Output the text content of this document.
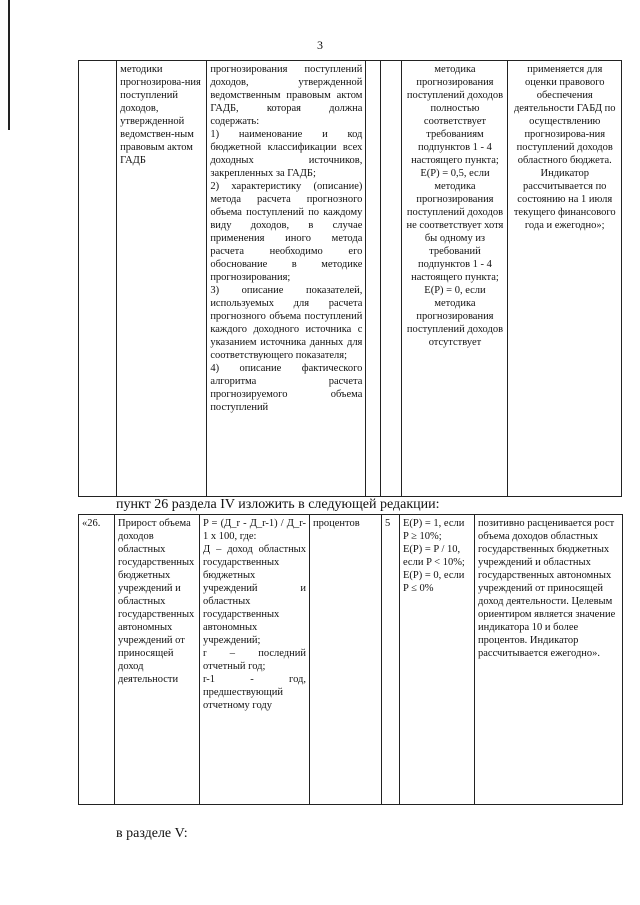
3
	методики прогнозирова-ния поступлений доходов, утвержденной ведомствен-ным правовым актом ГАДБ	прогнозирования поступлений доходов, утвержденной ведомственным правовым актом ГАДБ, которая должна содержать:
1) наименование и код бюджетной классификации всех доходных источников, закрепленных за ГАДБ;
2) характеристику (описание) метода расчета прогнозного объема поступлений по каждому виду доходов, в случае применения иного метода расчета необходимо его обоснование в методике прогнозирования;
3) описание показателей, используемых для расчета прогнозного объема поступлений каждого доходного источника с указанием источника данных для соответствующего показателя;
4) описание фактического алгоритма расчета прогнозируемого объема поступлений			методика прогнозирования поступлений доходов полностью соответствует требованиям подпунктов 1 - 4 настоящего пункта;
E(P) = 0,5, если методика прогнозирования поступлений доходов не соответствует хотя бы одному из требований подпунктов 1 - 4 настоящего пункта;
E(P) = 0, если методика прогнозирования поступлений доходов отсутствует	применяется для оценки правового обеспечения деятельности ГАБД по осуществлению прогнозирова-ния поступлений доходов областного бюджета. Индикатор рассчитывается по состоянию на 1 июля текущего финансового года и ежегодно»;
пункт 26 раздела IV изложить в следующей редакции:
«26.	Прирост объема доходов областных государственных бюджетных учреждений и областных государственных автономных учреждений от приносящей доход деятельности	P = (Д_r - Д_r-1) / Д_r-1 x 100, где:
Д – доход областных государственных бюджетных учреждений и областных государственных автономных учреждений;
r – последний отчетный год;
r-1 - год, предшествующий отчетному году	процентов	5	E(P) = 1, если P ≥ 10%;
E(P) = P / 10, если P < 10%;
E(P) = 0, если P ≤ 0%	позитивно расцениваетcя рост объема доходов областных государственных бюджетных учреждений и областных государственных автономных учреждений от приносящей доход деятельности. Целевым ориентиром является значение индикатора 10 и более процентов. Индикатор рассчитывается ежегодно».
в разделе V:
